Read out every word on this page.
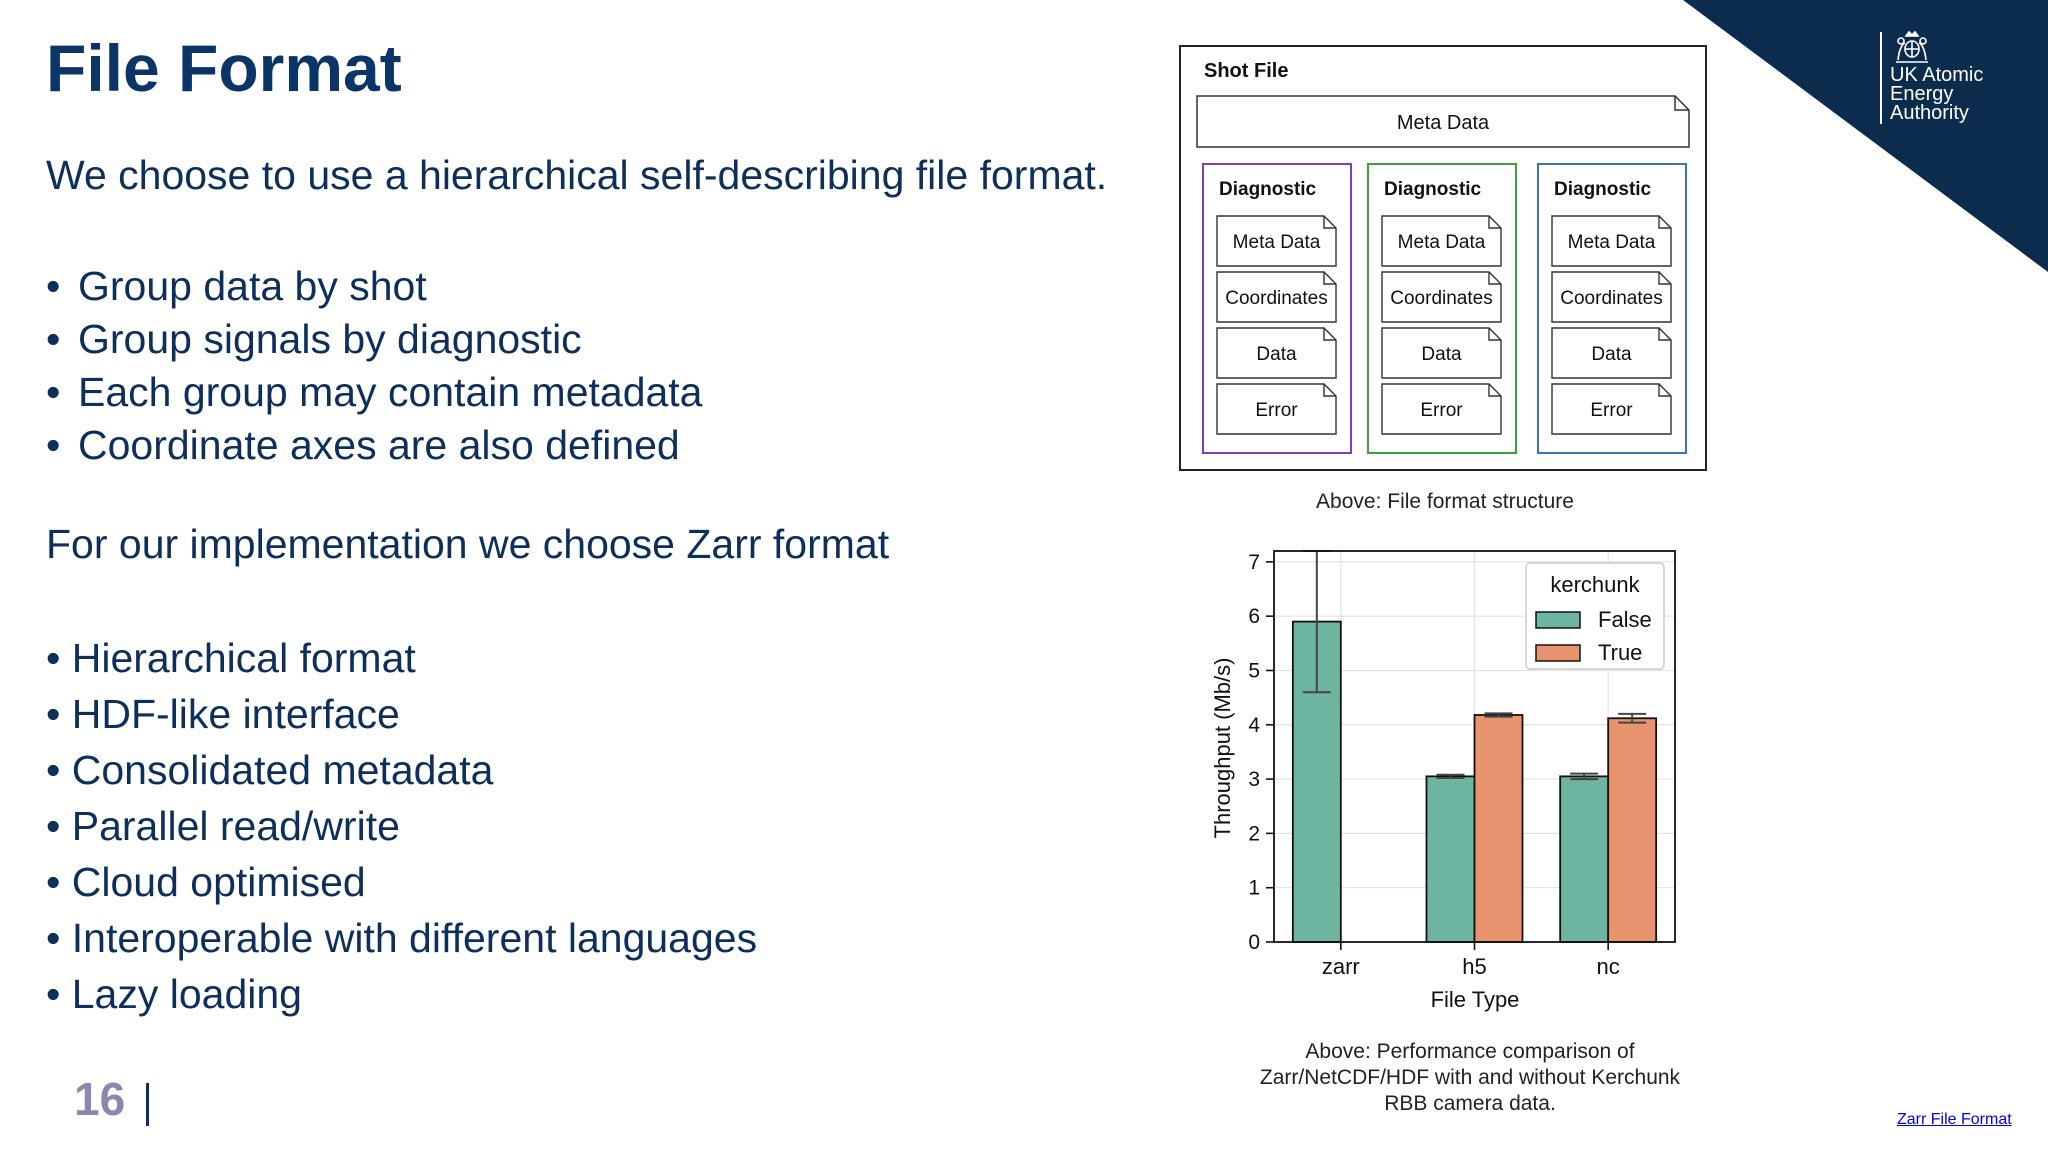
File Format
We choose to use a hierarchical self-describing file format.
• Group data by shot
• Group signals by diagnostic
• Each group may contain metadata
• Coordinate axes are also defined
For our implementation we choose Zarr format
• Hierarchical format
• HDF-like interface
• Consolidated metadata
• Parallel read/write
• Cloud optimised
• Interoperable with different languages
• Lazy loading
16
UK Atomic
Energy
Authority
Shot File
Meta Data
Diagnostic
Meta Data
Coordinates
Data
Error
Diagnostic
Meta Data
Coordinates
Data
Error
Diagnostic
Meta Data
Coordinates
Data
Error
Above: File format structure
0
1
2
3
4
5
6
7
zarr	h5	nc
kerchunk
False
True
File Type
Throughput (Mb/s)
Above: Performance comparison of
Zarr/NetCDF/HDF with and without Kerchunk
RBB camera data.
Zarr File Format
